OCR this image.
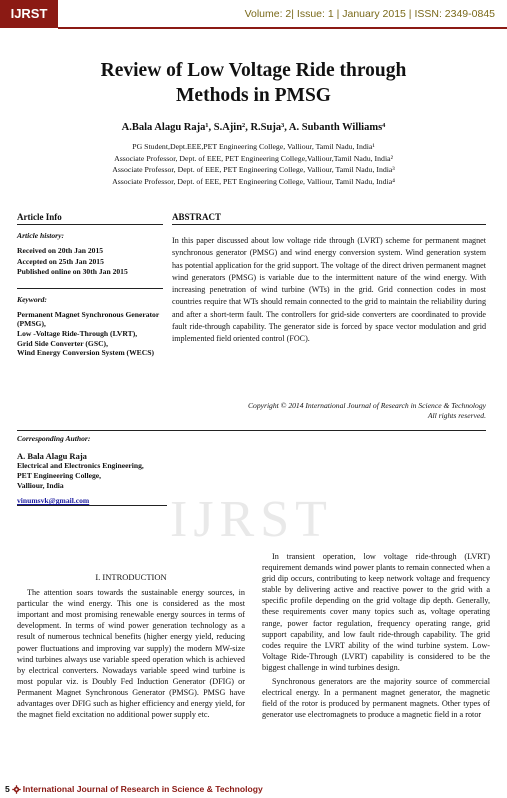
IJRST	Volume: 2| Issue: 1 | January 2015 | ISSN: 2349-0845
Review of Low Voltage Ride through
Methods in PMSG
A.Bala Alagu Raja¹, S.Ajin², R.Suja³, A. Subanth Williams⁴
PG Student,Dept.EEE,PET Engineering College, Valliour, Tamil Nadu, India¹
Associate Professor, Dept. of EEE, PET Engineering College,Valliour,Tamil Nadu, India²
Associate Professor, Dept. of EEE, PET Engineering College, Valliour, Tamil Nadu, India³
Associate Professor, Dept. of EEE, PET Engineering College, Valliour, Tamil Nadu, India⁴
Article Info
Article history:
Received on 20th Jan 2015
Accepted on 25th Jan 2015
Published online on 30th Jan 2015
Keyword:
Permanent Magnet Synchronous Generator (PMSG),
Low -Voltage Ride-Through (LVRT),
Grid Side Converter (GSC),
Wind Energy Conversion System (WECS)
ABSTRACT
In this paper discussed about low voltage ride through (LVRT) scheme for permanent magnet synchronous generator (PMSG) and wind energy conversion system. Wind generation system has potential application for the grid support. The voltage of the direct driven permanent magnet wind generators (PMSG) is variable due to the intermittent nature of the wind energy. With increasing penetration of wind turbine (WTs) in the grid. Grid connection codes in most countries require that WTs should remain connected to the grid to maintain the reliability during and after a short-term fault. The controllers for grid-side converters are coordinated to provide fault ride-through capability. The generator side is forced by space vector modulation and grid implemented field oriented control (FOC).
Copyright © 2014 International Journal of Research in Science & Technology
All rights reserved.
Corresponding Author:
A. Bala Alagu Raja
Electrical and Electronics Engineering,
PET Engineering College,
Valliour, India
vinumsvk@gmail.com	IJRST
I. INTRODUCTION

The attention soars towards the sustainable energy sources, in particular the wind energy. This one is considered as the most important and most promising renewable energy sources in terms of development. In terms of wind power generation technology as a result of numerous technical benefits (higher energy yield, reducing power fluctuations and improving var supply) the modern MW-size wind turbines always use variable speed operation which is achieved by electrical converters. Nowadays variable speed wind turbine is most popular viz. is Doubly Fed Induction Generator (DFIG) or Permanent Magnet Synchronous Generator (PMSG). PMSG have advantages over DFIG such as higher efficiency and energy yield, for the magnet field excitation no additional power supply etc.

In transient operation, low voltage ride-through (LVRT) requirement demands wind power plants to remain connected when a grid dip occurs, contributing to keep network voltage and frequency stable by delivering active and reactive power to the grid with a specific profile depending on the grid voltage dip depth. Generally, these requirements cover many topics such as, voltage operating range, power factor regulation, frequency operating range, grid support capability, and low fault ride-through capability. The grid codes require the LVRT ability of the wind turbine system. Low-Voltage Ride-Through (LVRT) capability is considered to be the biggest challenge in wind turbines design.

Synchronous generators are the majority source of commercial electrical energy. In a permanent magnet generator, the magnetic field of the rotor is produced by permanent magnets. Other types of generator use electromagnets to produce a magnetic field in a rotor

5 International Journal of Research in Science & Technology
